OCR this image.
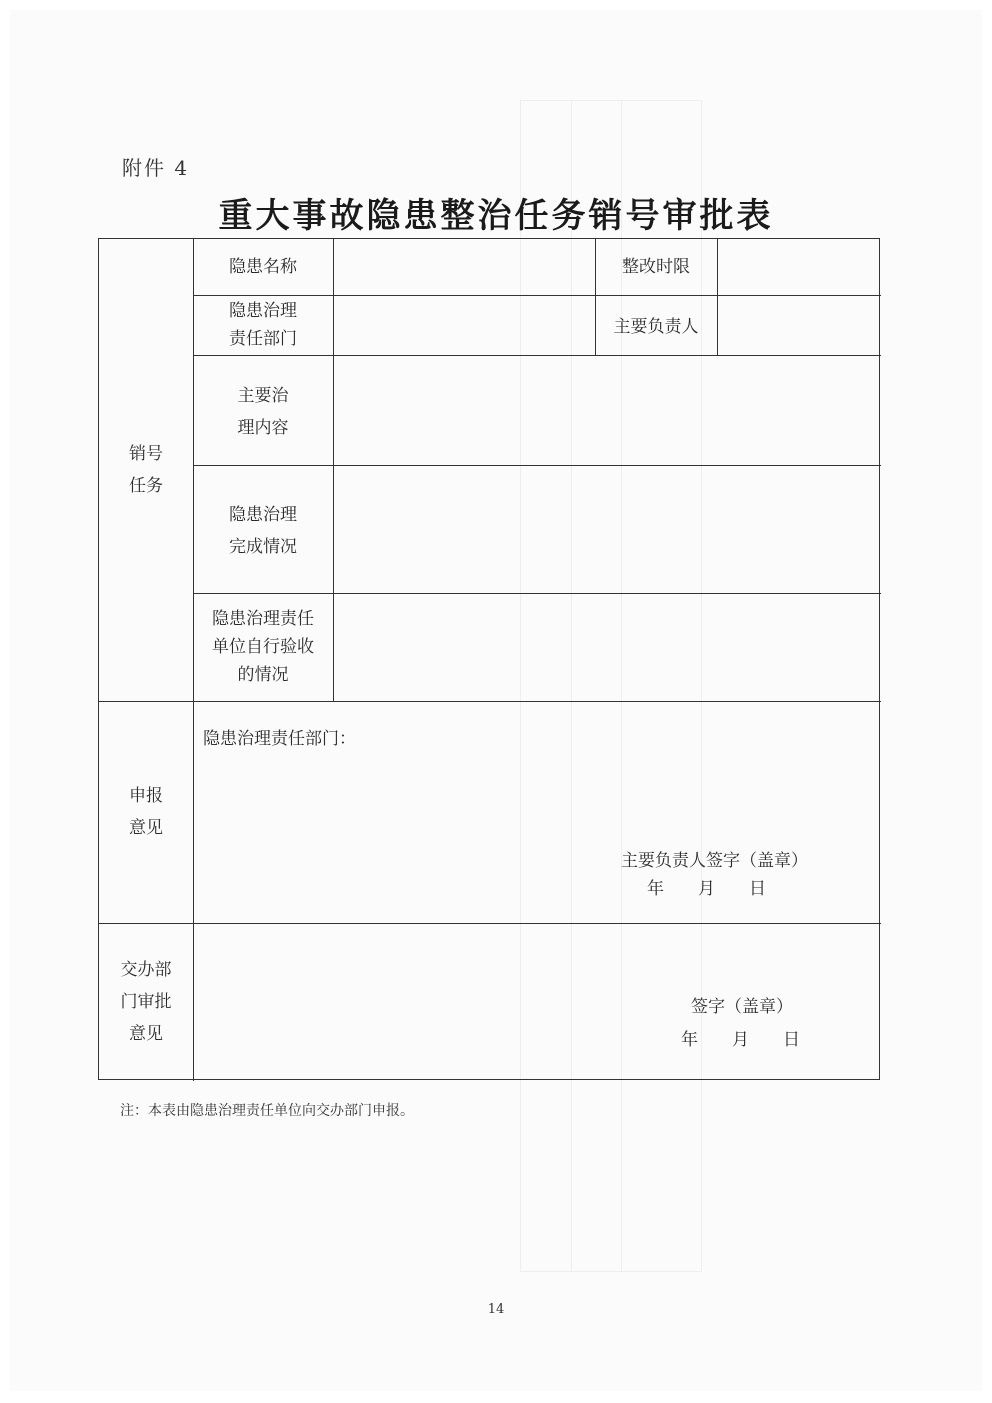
附件 4
重大事故隐患整治任务销号审批表
销号
任务
申报
意见
交办部
门审批
意见
隐患名称	整改时限
隐患治理
责任部门
主要负责人
主要治
理内容
隐患治理
完成情况
隐患治理责任
单位自行验收
的情况
隐患治理责任部门：
主要负责人签字（盖章）
年　　月　　日
签字（盖章）
年　　月　　日
注：本表由隐患治理责任单位向交办部门申报。
14
